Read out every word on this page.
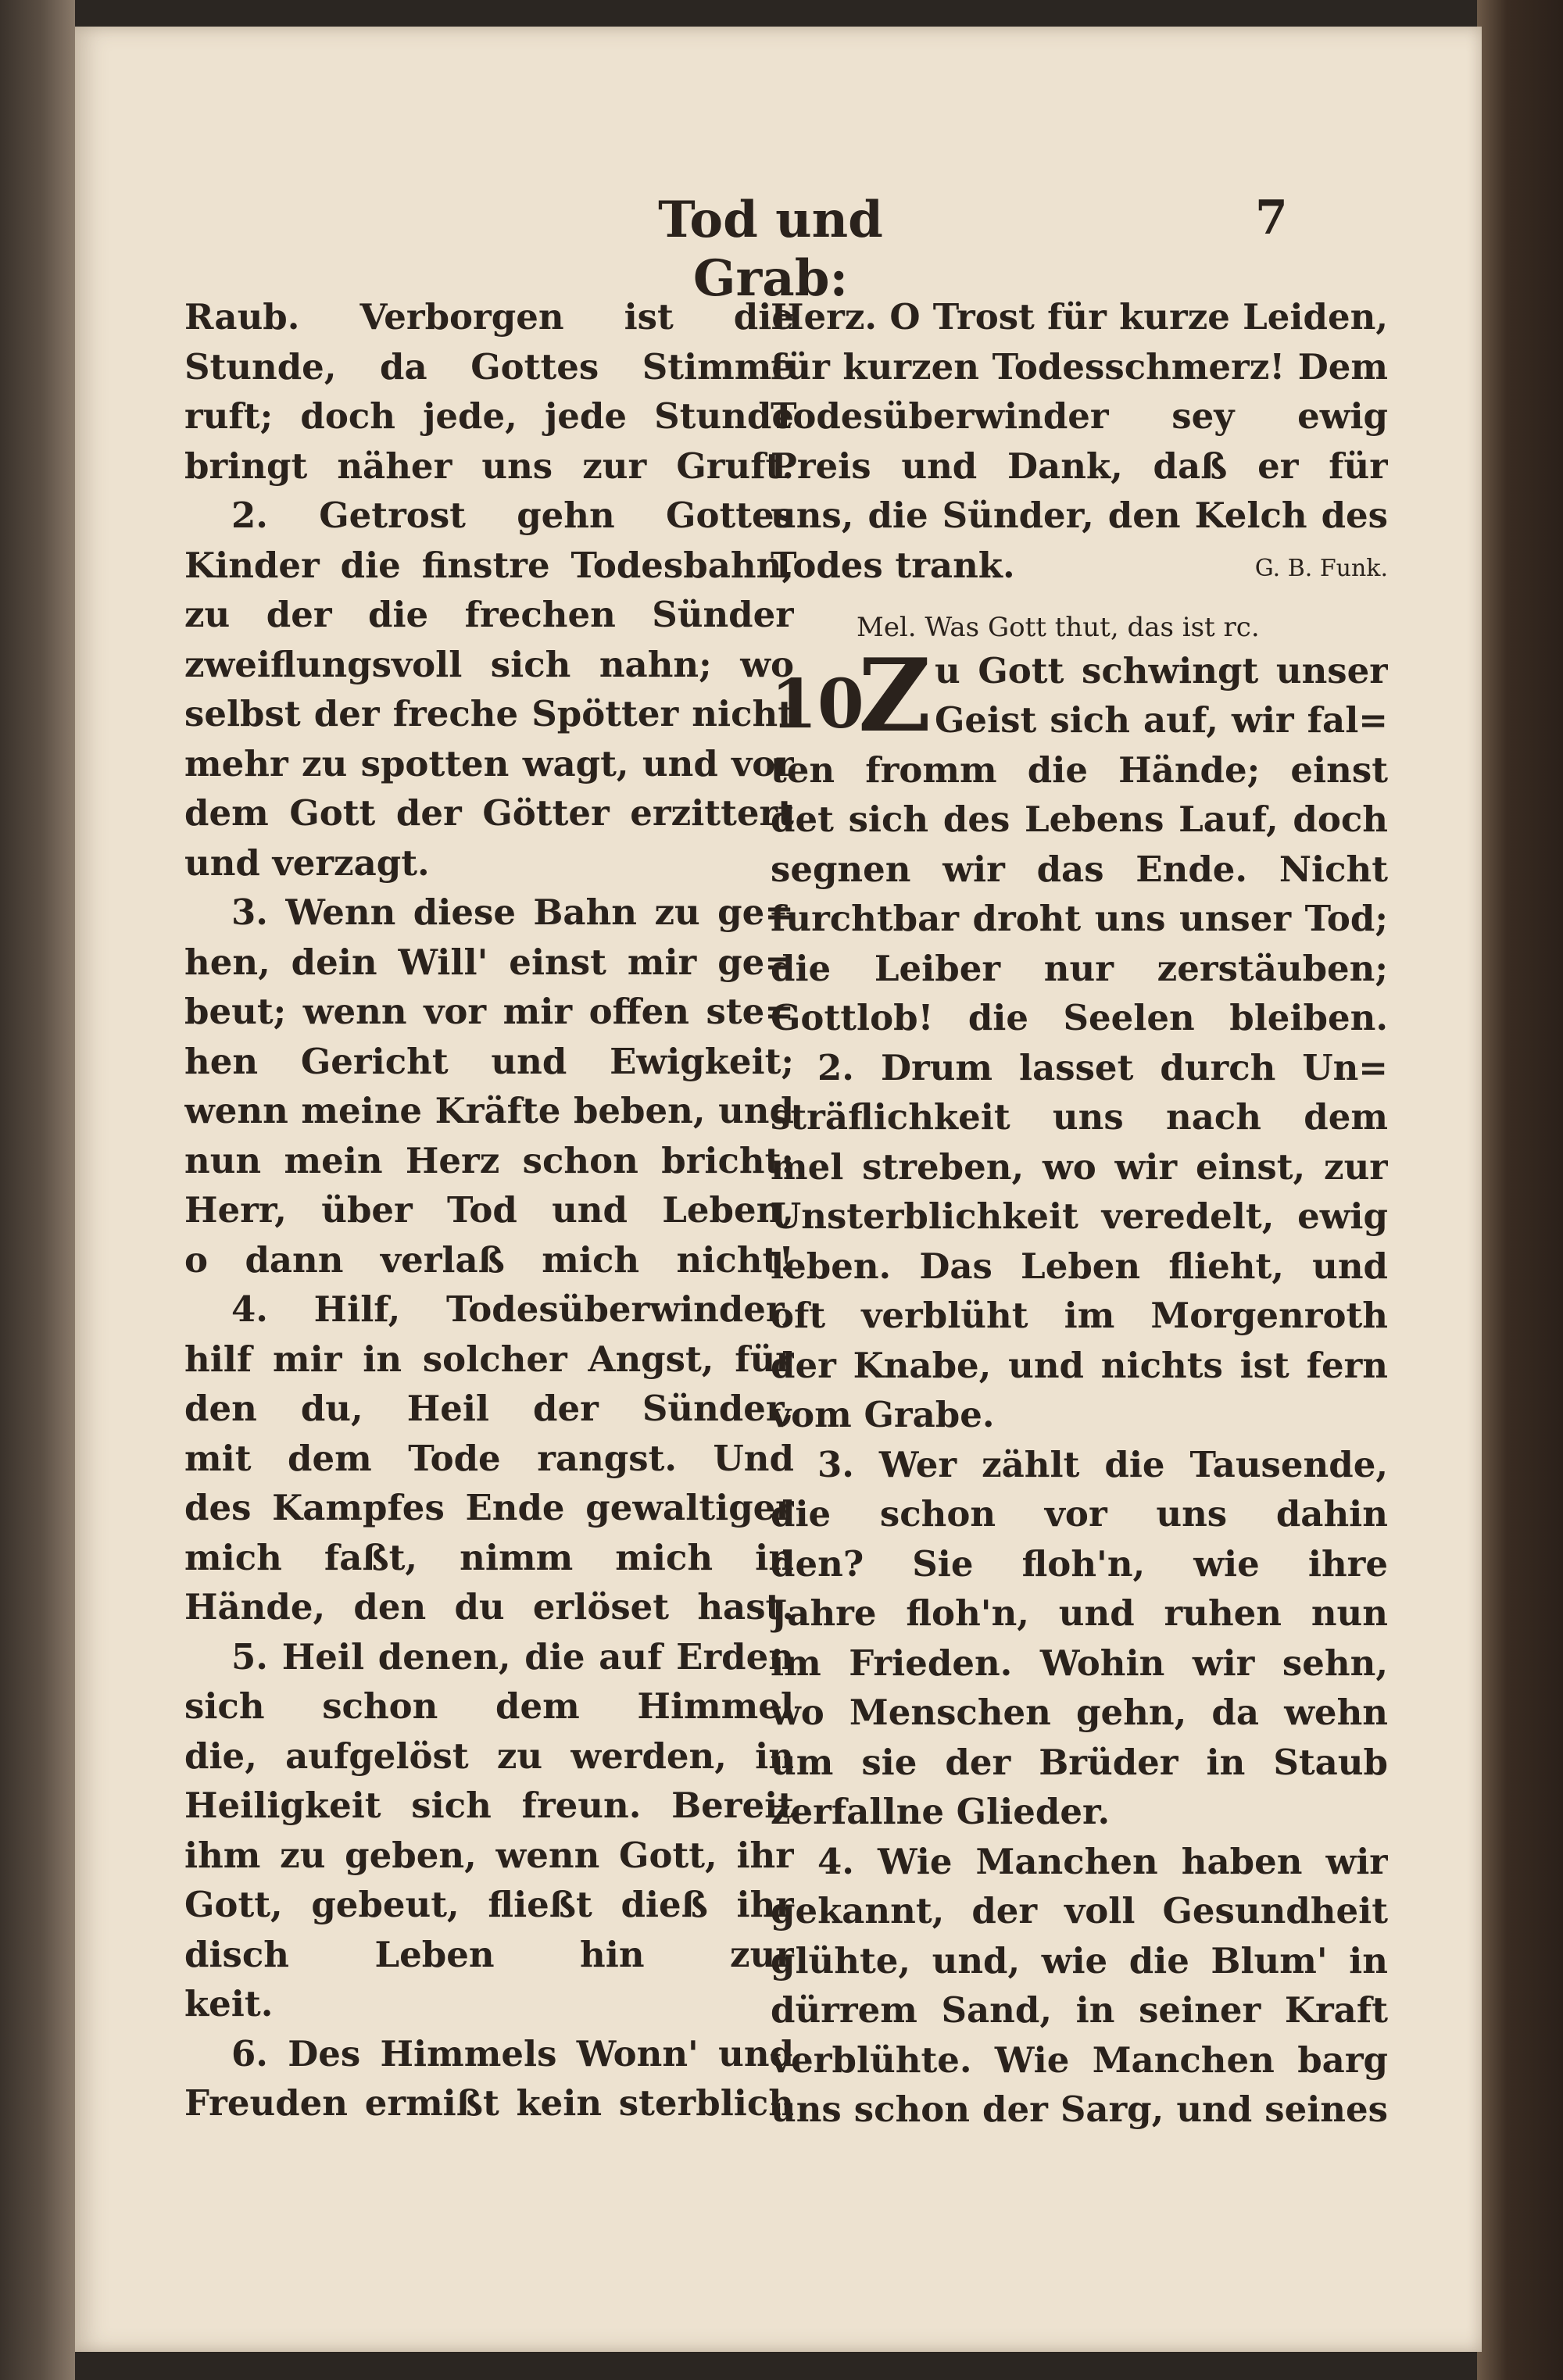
Tod und Grab:
7
Raub. Verborgen ist die
Stunde, da Gottes Stimme
ruft; doch jede, jede Stunde
bringt näher uns zur Gruft.
2. Getrost gehn Gottes
Kinder die finstre Todesbahn,
zu der die frechen Sünder
zweiflungsvoll sich nahn; wo
selbst der freche Spötter nicht
mehr zu spotten wagt, und vor
dem Gott der Götter erzittert
und verzagt.
3. Wenn diese Bahn zu ge=
hen, dein Will' einst mir ge=
beut; wenn vor mir offen ste=
hen Gericht und Ewigkeit;
wenn meine Kräfte beben, und
nun mein Herz schon bricht:
Herr, über Tod und Leben,
o dann verlaß mich nicht!
4. Hilf, Todesüberwinder,
hilf mir in solcher Angst, für
den du, Heil der Sünder,
mit dem Tode rangst. Und
des Kampfes Ende gewaltiger
mich faßt, nimm mich in
Hände, den du erlöset hast.
5. Heil denen, die auf Erden
sich schon dem Himmel
die, aufgelöst zu werden, in
Heiligkeit sich freun. Bereit
ihm zu geben, wenn Gott, ihr
Gott, gebeut, fließt dieß ihr
disch Leben hin zur
keit.
6. Des Himmels Wonn' und
Freuden ermißt kein sterblich
Herz. O Trost für kurze Leiden,
für kurzen Todesschmerz! Dem
Todesüberwinder sey ewig
Preis und Dank, daß er für
uns, die Sünder, den Kelch des
Todes trank.	G. B. Funk.
Mel. Was Gott thut, das ist rc.
10.
Z u Gott schwingt unser
Geist sich auf, wir fal=
ten fromm die Hände; einst
det sich des Lebens Lauf, doch
segnen wir das Ende. Nicht
furchtbar droht uns unser Tod;
die Leiber nur zerstäuben;
Gottlob! die Seelen bleiben.
2. Drum lasset durch Un=
sträflichkeit uns nach dem
mel streben, wo wir einst, zur
Unsterblichkeit veredelt, ewig
leben. Das Leben flieht, und
oft verblüht im Morgenroth
der Knabe, und nichts ist fern
vom Grabe.
3. Wer zählt die Tausende,
die schon vor uns dahin
den? Sie floh'n, wie ihre
Jahre floh'n, und ruhen nun
im Frieden. Wohin wir sehn,
wo Menschen gehn, da wehn
um sie der Brüder in Staub
zerfallne Glieder.
4. Wie Manchen haben wir
gekannt, der voll Gesundheit
glühte, und, wie die Blum' in
dürrem Sand, in seiner Kraft
verblühte. Wie Manchen barg
uns schon der Sarg, und seines
